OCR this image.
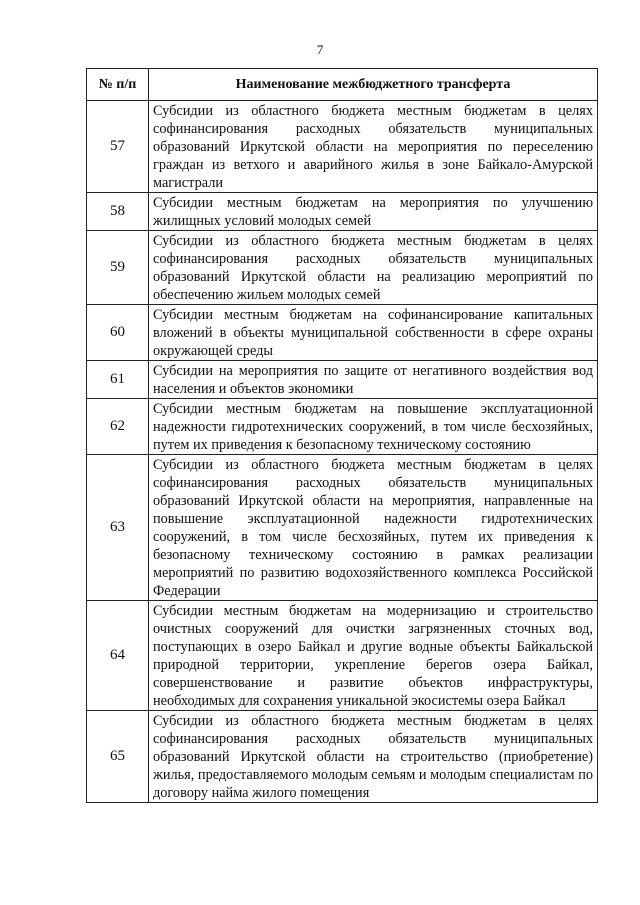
7
№ п/п	Наименование межбюджетного трансферта
57	Субсидии из областного бюджета местным бюджетам в целях софинансирования расходных обязательств муниципальных образований Иркутской области на мероприятия по переселению граждан из ветхого и аварийного жилья в зоне Байкало-Амурской магистрали
58	Субсидии местным бюджетам на мероприятия по улучшению жилищных условий молодых семей
59	Субсидии из областного бюджета местным бюджетам в целях софинансирования расходных обязательств муниципальных образований Иркутской области на реализацию мероприятий по обеспечению жильем молодых семей
60	Субсидии местным бюджетам на софинансирование капитальных вложений в объекты муниципальной собственности в сфере охраны окружающей среды
61	Субсидии на мероприятия по защите от негативного воздействия вод населения и объектов экономики
62	Субсидии местным бюджетам на повышение эксплуатационной надежности гидротехнических сооружений, в том числе бесхозяйных, путем их приведения к безопасному техническому состоянию
63	Субсидии из областного бюджета местным бюджетам в целях софинансирования расходных обязательств муниципальных образований Иркутской области на мероприятия, направленные на повышение эксплуатационной надежности гидротехнических сооружений, в том числе бесхозяйных, путем их приведения к безопасному техническому состоянию в рамках реализации мероприятий по развитию водохозяйственного комплекса Российской Федерации
64	Субсидии местным бюджетам на модернизацию и строительство очистных сооружений для очистки загрязненных сточных вод, поступающих в озеро Байкал и другие водные объекты Байкальской природной территории, укрепление берегов озера Байкал, совершенствование и развитие объектов инфраструктуры, необходимых для сохранения уникальной экосистемы озера Байкал
65	Субсидии из областного бюджета местным бюджетам в целях софинансирования расходных обязательств муниципальных образований Иркутской области на строительство (приобретение) жилья, предоставляемого молодым семьям и молодым специалистам по договору найма жилого помещения
